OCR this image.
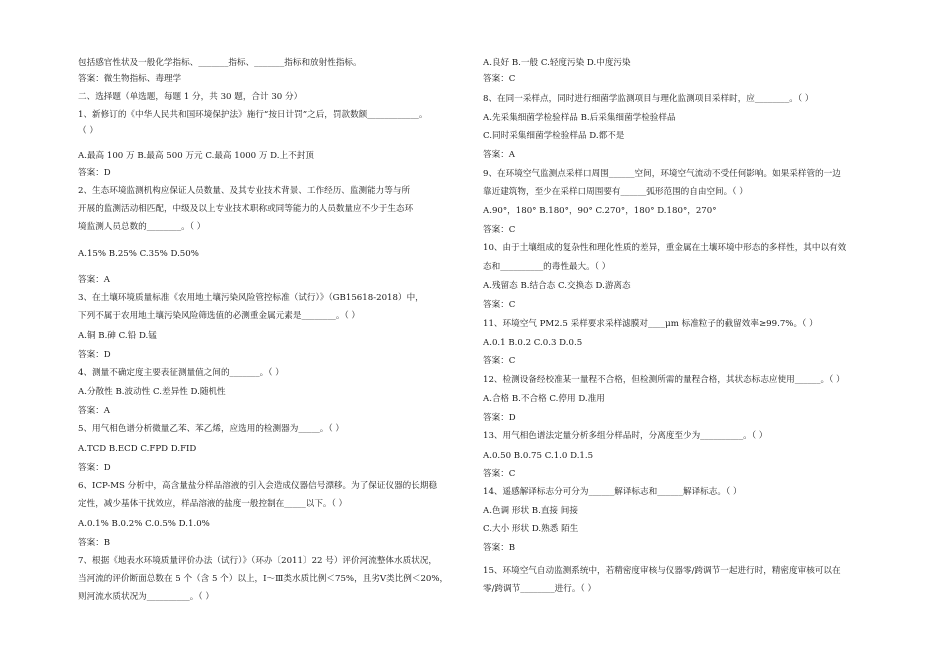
包括感官性状及一般化学指标、_______指标、_______指标和放射性指标。
答案：微生物指标、毒理学
二、选择题（单选题，每题 1 分，共 30 题，合计 30 分）
1、新修订的《中华人民共和国环境保护法》施行“按日计罚”之后，罚款数额____________。
（ ）
A.最高 100 万 B.最高 500 万元 C.最高 1000 万 D.上不封顶
答案：D
2、生态环境监测机构应保证人员数量、及其专业技术背景、工作经历、监测能力等与所
开展的监测活动相匹配，中级及以上专业技术职称或同等能力的人员数量应不少于生态环
境监测人员总数的________。（ ）
A.15% B.25% C.35% D.50%
答案：A
3、在土壤环境质量标准《农用地土壤污染风险管控标准（试行）》（GB15618-2018）中，
下列不属于农用地土壤污染风险筛选值的必测重金属元素是________。（ ）
A.铜 B.砷 C.铅 D.锰
答案：D
4、测量不确定度主要表征测量值之间的_______。（ ）
A.分散性 B.波动性 C.差异性 D.随机性
答案：A
5、用气相色谱分析微量乙苯、苯乙烯，应选用的检测器为_____。（ ）
A.TCD B.ECD C.FPD D.FID
答案：D
6、ICP-MS 分析中，高含量盐分样品溶液的引入会造成仪器信号漂移。为了保证仪器的长期稳
定性，减少基体干扰效应，样品溶液的盐度一般控制在_____以下。（ ）
A.0.1% B.0.2% C.0.5% D.1.0%
答案：B
7、根据《地表水环境质量评价办法（试行）》（环办〔2011〕22 号）评价河流整体水质状况，
当河流的评价断面总数在 5 个（含 5 个）以上，Ⅰ～Ⅲ类水质比例＜75%，且劣Ⅴ类比例＜20%，
则河流水质状况为__________。（ ）
A.良好 B.一般 C.轻度污染 D.中度污染
答案：C
8、在同一采样点，同时进行细菌学监测项目与理化监测项目采样时，应________。（ ）
A.先采集细菌学检验样品 B.后采集细菌学检验样品
C.同时采集细菌学检验样品 D.都不是
答案：A
9、在环境空气监测点采样口周围______空间，环境空气流动不受任何影响。如果采样管的一边
靠近建筑物，至少在采样口周围要有______弧形范围的自由空间。（ ）
A.90°，180° B.180°，90° C.270°，180° D.180°，270°
答案：C
10、由于土壤组成的复杂性和理化性质的差异，重金属在土壤环境中形态的多样性，其中以有效
态和__________的毒性最大。（ ）
A.残留态 B.结合态 C.交换态 D.游离态
答案：C
11、环境空气 PM2.5 采样要求采样滤膜对____μm 标准粒子的截留效率≥99.7%。（ ）
A.0.1 B.0.2 C.0.3 D.0.5
答案：C
12、检测设备经校准某一量程不合格，但检测所需的量程合格，其状态标志应使用______。（ ）
A.合格 B.不合格 C.停用 D.准用
答案：D
13、用气相色谱法定量分析多组分样品时，分离度至少为__________。（ ）
A.0.50 B.0.75 C.1.0 D.1.5
答案：C
14、遥感解译标志分可分为______解译标志和______解译标志。（ ）
A.色调 形状 B.直接 间接
C.大小 形状 D.熟悉 陌生
答案：B
15、环境空气自动监测系统中，若精密度审核与仪器零/跨调节一起进行时，精密度审核可以在
零/跨调节________进行。（ ）
